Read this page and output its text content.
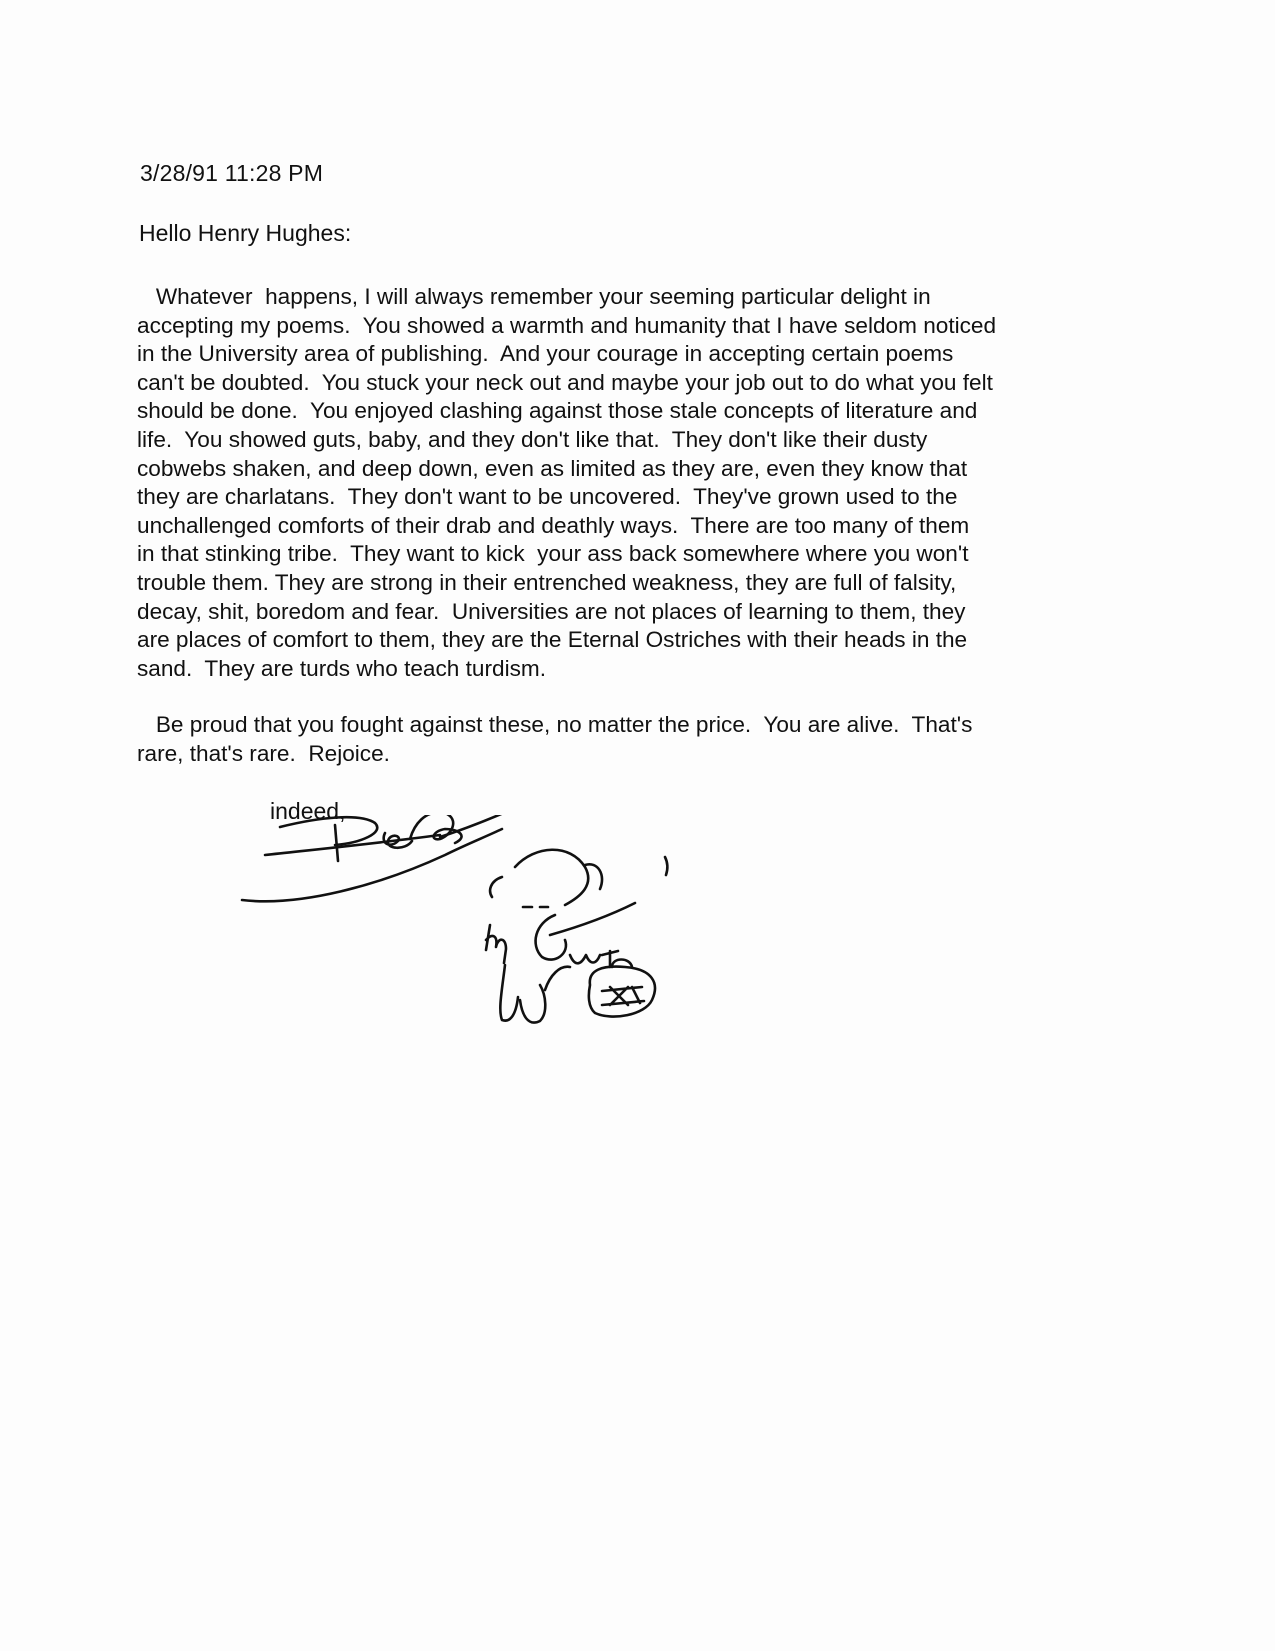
3/28/91 11:28 PM
Hello Henry Hughes:
Whatever  happens, I will always remember your seeming particular delight in
accepting my poems.  You showed a warmth and humanity that I have seldom noticed
in the University area of publishing.  And your courage in accepting certain poems
can't be doubted.  You stuck your neck out and maybe your job out to do what you felt
should be done.  You enjoyed clashing against those stale concepts of literature and
life.  You showed guts, baby, and they don't like that.  They don't like their dusty
cobwebs shaken, and deep down, even as limited as they are, even they know that
they are charlatans.  They don't want to be uncovered.  They've grown used to the
unchallenged comforts of their drab and deathly ways.  There are too many of them
in that stinking tribe.  They want to kick  your ass back somewhere where you won't
trouble them. They are strong in their entrenched weakness, they are full of falsity,
decay, shit, boredom and fear.  Universities are not places of learning to them, they
are places of comfort to them, they are the Eternal Ostriches with their heads in the
sand.  They are turds who teach turdism.
Be proud that you fought against these, no matter the price.  You are alive.  That's
rare, that's rare.  Rejoice.
indeed,
